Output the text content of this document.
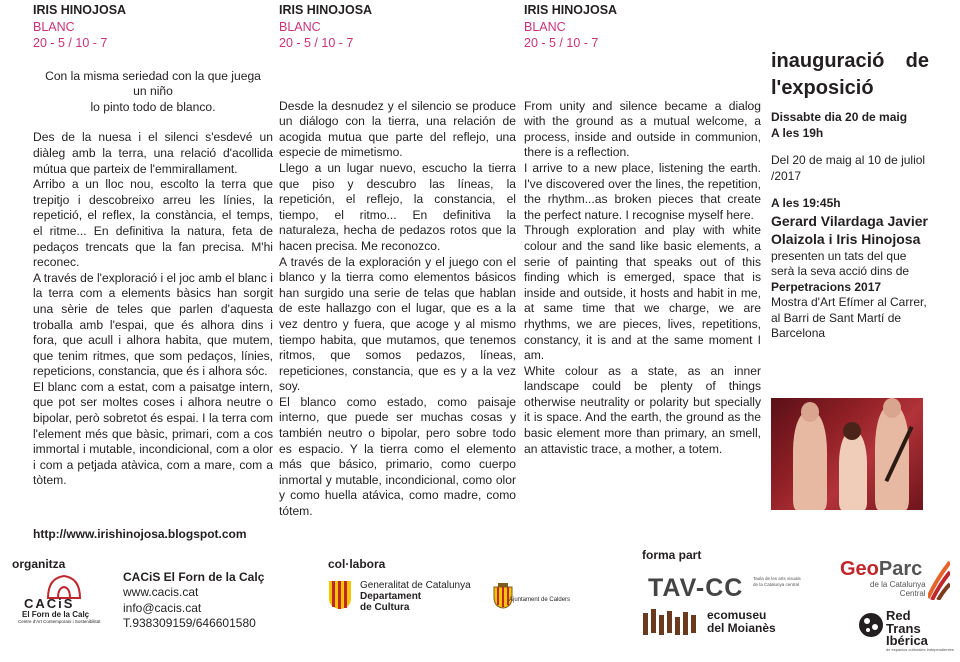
IRIS HINOJOSA
BLANC
20 - 5 / 10 - 7

Con la misma seriedad con la que juega

un niño

lo pinto todo de blanco.

Des de la nuesa i el silenci s'esdevé un diàleg amb la terra, una relació d'acollida mútua que parteix de l'emmirallament.

Arribo a un lloc nou, escolto la terra que trepitjo i descobreixo arreu les línies, la repetició, el reflex, la constància, el temps, el ritme... En definitiva la natura, feta de pedaços trencats que la fan precisa. M'hi reconec.

A través de l'exploració i el joc amb el blanc i la terra com a elements bàsics han sorgit una sèrie de teles que parlen d'aquesta troballa amb l'espai, que és alhora dins i fora, que acull i alhora habita, que mutem, que tenim ritmes, que som pedaços, línies, repeticions, constancia, que és i alhora sóc.

El blanc com a estat, com a paisatge intern, que pot ser moltes coses i alhora neutre o bipolar, però sobretot és espai. I la terra com l'element més que bàsic, primari, com a cos immortal i mutable, incondicional, com a olor i com a petjada atàvica, com a mare, com a tòtem.

IRIS HINOJOSA
BLANC
20 - 5 / 10 - 7

Desde la desnudez y el silencio se produce un diálogo con la tierra, una relación de acogida mutua que parte del reflejo, una especie de mimetismo.

Llego a un lugar nuevo, escucho la tierra que piso y descubro las líneas, la repetición, el reflejo, la constancia, el tiempo, el ritmo... En definitiva la naturaleza, hecha de pedazos rotos que la hacen precisa. Me reconozco.

A través de la exploración y el juego con el blanco y la tierra como elementos básicos han surgido una serie de telas que hablan de este hallazgo con el lugar, que es a la vez dentro y fuera, que acoge y al mismo tiempo habita, que mutamos, que tenemos ritmos, que somos pedazos, líneas, repeticiones, constancia, que es y a la vez soy.

El blanco como estado, como paisaje interno, que puede ser muchas cosas y también neutro o bipolar, pero sobre todo es espacio. Y la tierra como el elemento más que básico, primario, como cuerpo inmortal y mutable, incondicional, como olor y como huella atávica, como madre, como tótem.

IRIS HINOJOSA
BLANC
20 - 5 / 10 - 7

From unity and silence became a dialog with the ground as a mutual welcome, a process, inside and outside in communion, there is a reflection.

I arrive to a new place, listening the earth. I've discovered over the lines, the repetition, the rhythm...as broken pieces that create the perfect nature. I recognise myself here.

Through exploration and play with white colour and the sand like basic elements, a serie of painting that speaks out of this finding which is emerged, space that is inside and outside, it hosts and habit in me, at same time that we charge, we are rhythms, we are pieces, lives, repetitions, constancy, it is and at the same moment I am.

White colour as a state, as an inner landscape could be plenty of things otherwise neutrality or polarity but specially it is space. And the earth, the ground as the basic element more than primary, an smell, an attavistic trace, a mother, a totem.

inauguració de l'exposició
Dissabte dia 20 de maig
A les 19h
Del 20 de maig al 10 de juliol /2017
A les 19:45h
Gerard Vilardaga Javier Olaizola i Iris Hinojosa presenten un tats del que serà la seva acció dins de Perpetracions 2017
Mostra d'Art Efímer al Carrer, al Barri de Sant Martí de Barcelona
http://www.irishinojosa.blogspot.com
organitza
CACiS
El Forn de la Calç
Centre d'Art Contemporani i Sostenibilitat
CACiS El Forn de la Calç
www.cacis.cat
info@cacis.cat
T.938309159/646601580
col·labora
Generalitat de Catalunya
Departament
de Cultura
Ajuntament de Calders
forma part
TAV-CC Taula de les arts visuals de la Catalunya central
ecomuseu
del Moianès
GeoParc
de la Catalunya
Central
Red
Trans
Ibérica
de espacios culturales independientes
